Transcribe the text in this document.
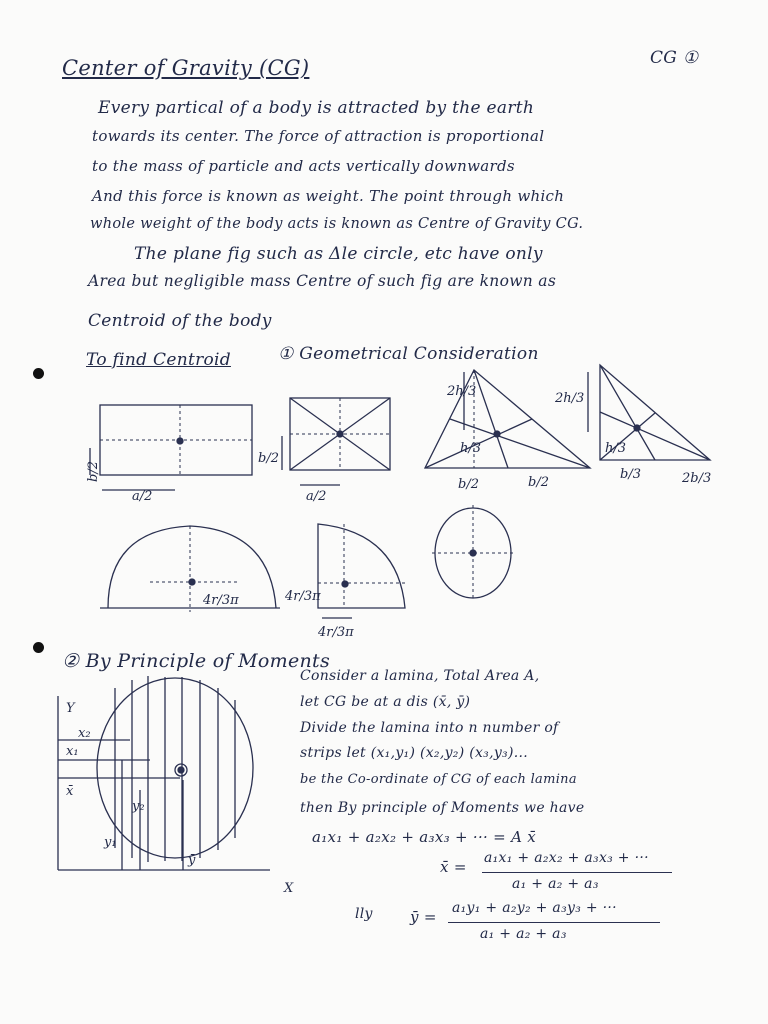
Center of Gravity (CG)	CG ①
Every partical of a body is attracted by the earth
towards its center. The force of attraction is proportional
to the mass of particle and acts vertically downwards
And this force is known as weight. The point through which
whole weight of the body acts is known as Centre of Gravity CG.
The plane fig such as Δle circle, etc have only
Area but negligible mass Centre of such fig are known as
Centroid of the body
To find Centroid	① Geometrical Consideration
b/2
a/2
b/2
a/2
2h/3
h/3
b/2	b/2
2h/3
h/3
b/3	2b/3
4r/3π	4r/3π
4r/3π
Y
X
x₂
x₁
x̄
y₁
y₂
ȳ
② By Principle of Moments
Consider a lamina, Total Area A,
let CG be at a dis (x̄, ȳ)
Divide the lamina into n number of
strips let (x₁,y₁) (x₂,y₂) (x₃,y₃)...
be the Co-ordinate of CG of each lamina
then By principle of Moments we have
a₁x₁ + a₂x₂ + a₃x₃ + ··· = A x̄
x̄ = a₁x₁ + a₂x₂ + a₃x₃ + ···
a₁ + a₂ + a₃
lly ȳ = a₁y₁ + a₂y₂ + a₃y₃ + ···
a₁ + a₂ + a₃
